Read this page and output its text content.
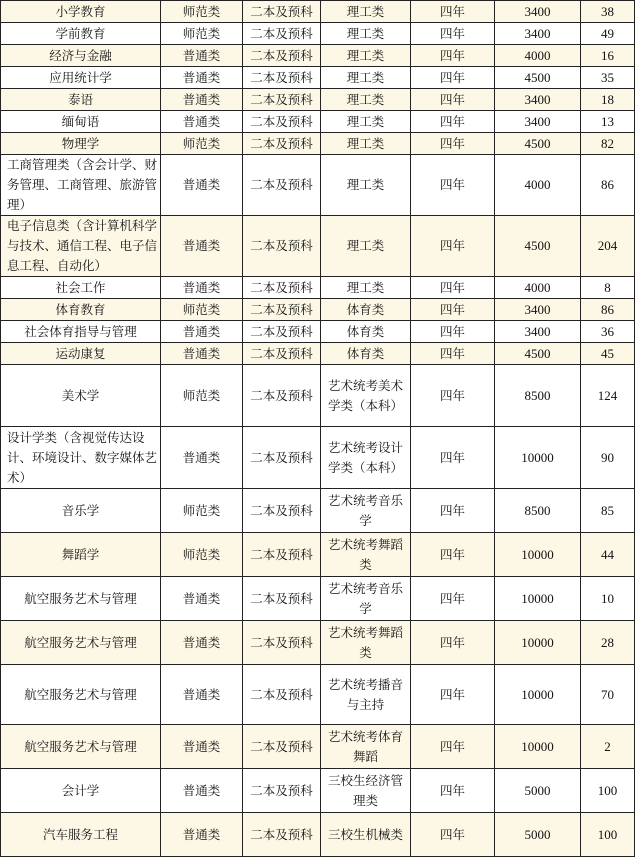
小学教育	师范类	二本及预科	理工类	四年	3400	38
学前教育	师范类	二本及预科	理工类	四年	3400	49
经济与金融	普通类	二本及预科	理工类	四年	4000	16
应用统计学	普通类	二本及预科	理工类	四年	4500	35
泰语	普通类	二本及预科	理工类	四年	3400	18
缅甸语	普通类	二本及预科	理工类	四年	3400	13
物理学	师范类	二本及预科	理工类	四年	4500	82
工商管理类（含会计学、财务管理、工商管理、旅游管理）	普通类	二本及预科	理工类	四年	4000	86
电子信息类（含计算机科学与技术、通信工程、电子信息工程、自动化）	普通类	二本及预科	理工类	四年	4500	204
社会工作	普通类	二本及预科	理工类	四年	4000	8
体育教育	师范类	二本及预科	体育类	四年	3400	86
社会体育指导与管理	普通类	二本及预科	体育类	四年	3400	36
运动康复	普通类	二本及预科	体育类	四年	4500	45
美术学	师范类	二本及预科	艺术统考美术学类（本科）	四年	8500	124
设计学类（含视觉传达设计、环境设计、数字媒体艺术）	普通类	二本及预科	艺术统考设计学类（本科）	四年	10000	90
音乐学	师范类	二本及预科	艺术统考音乐学	四年	8500	85
舞蹈学	师范类	二本及预科	艺术统考舞蹈类	四年	10000	44
航空服务艺术与管理	普通类	二本及预科	艺术统考音乐学	四年	10000	10
航空服务艺术与管理	普通类	二本及预科	艺术统考舞蹈类	四年	10000	28
航空服务艺术与管理	普通类	二本及预科	艺术统考播音与主持	四年	10000	70
航空服务艺术与管理	普通类	二本及预科	艺术统考体育舞蹈	四年	10000	2
会计学	普通类	二本及预科	三校生经济管理类	四年	5000	100
汽车服务工程	普通类	二本及预科	三校生机械类	四年	5000	100
